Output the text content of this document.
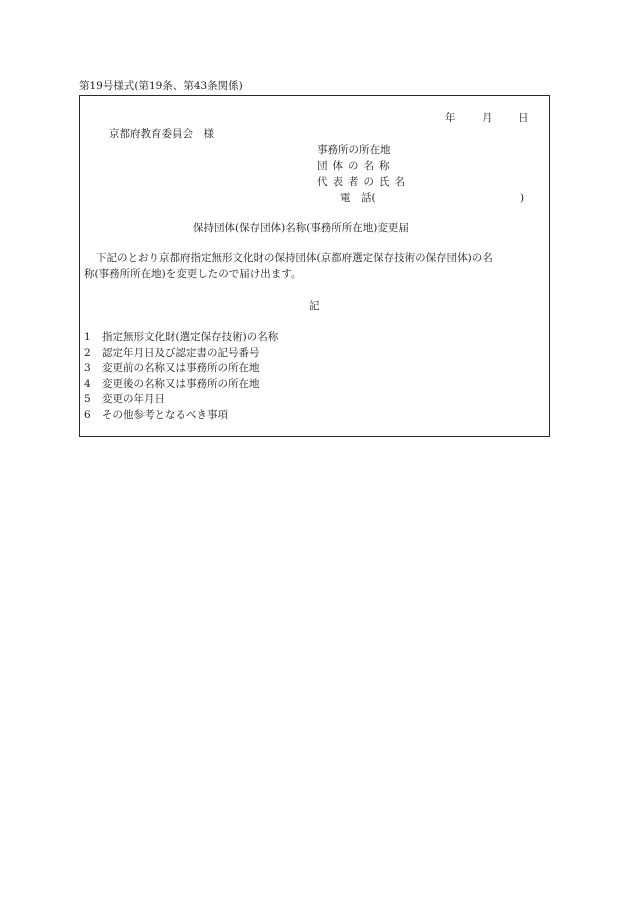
第19号様式(第19条、第43条関係)
年	月 日
京都府教育委員会　様
事務所の所在地
団体の名称
代表者の氏名
電　話(	)
保持団体(保存団体)名称(事務所所在地)変更届
下記のとおり京都府指定無形文化財の保持団体(京都府選定保存技術の保存団体)の名
称(事務所所在地)を変更したので届け出ます。
記
1 指定無形文化財(選定保存技術)の名称
2 認定年月日及び認定書の記号番号
3 変更前の名称又は事務所の所在地
4 変更後の名称又は事務所の所在地
5 変更の年月日
6 その他参考となるべき事項
